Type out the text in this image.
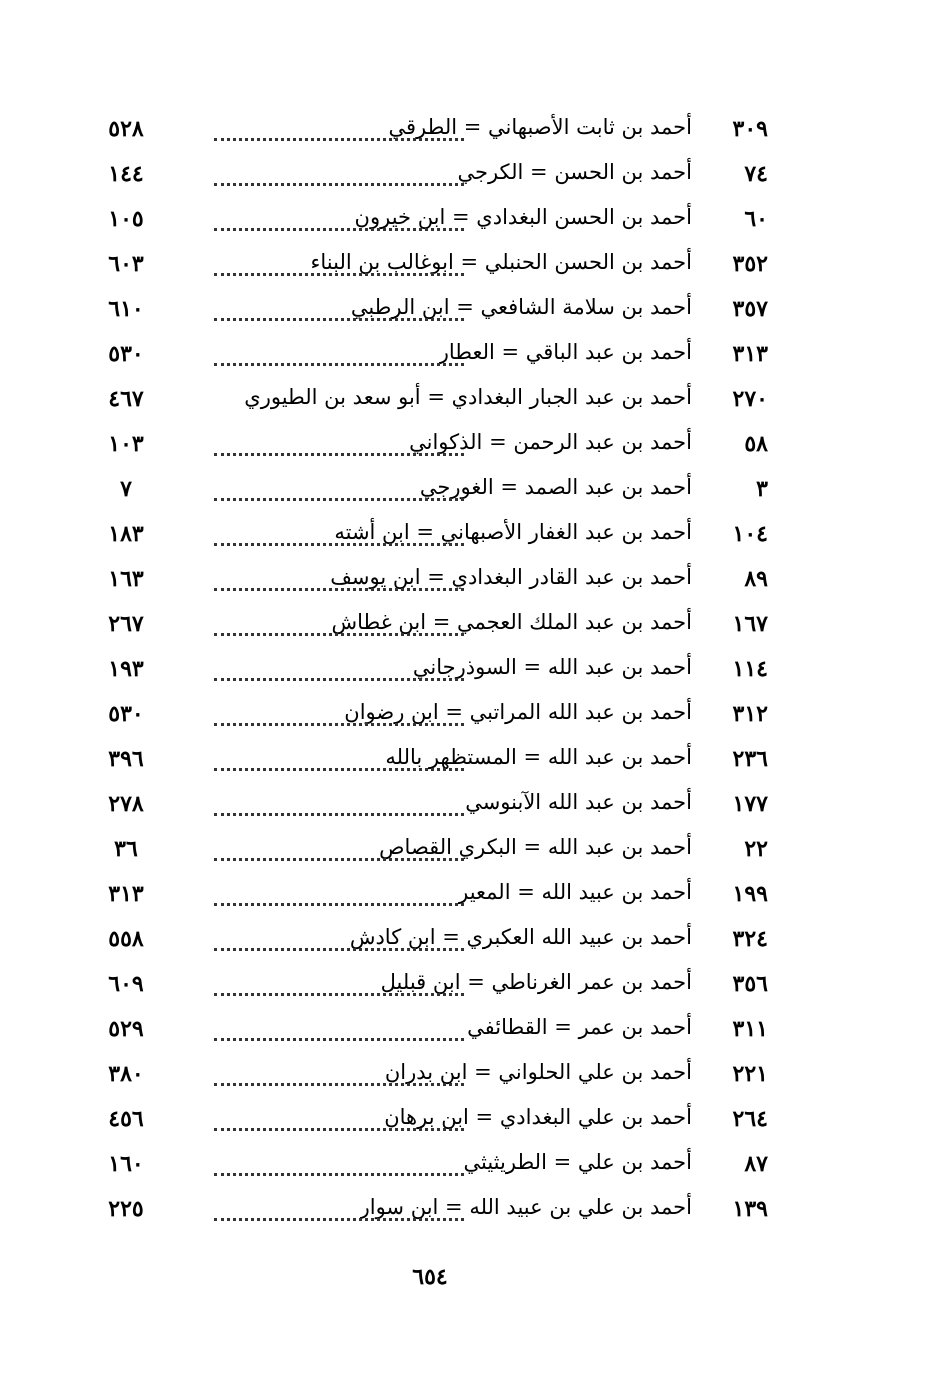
٣٠٩
أحمد بن ثابت الأصبهاني = الطرقي
٥٢٨
٧٤
أحمد بن الحسن = الكرجي
١٤٤
٦٠
أحمد بن الحسن البغدادي = ابن خيرون
١٠٥
٣٥٢
أحمد بن الحسن الحنبلي = ابوغالب بن البناء
٦٠٣
٣٥٧
أحمد بن سلامة الشافعي = ابن الرطبي
٦١٠
٣١٣
أحمد بن عبد الباقي = العطار
٥٣٠
٢٧٠
أحمد بن عبد الجبار البغدادي = أبو سعد بن الطيوري
٤٦٧
٥٨
أحمد بن عبد الرحمن = الذكواني
١٠٣
٣
أحمد بن عبد الصمد = الغورجي
٧
١٠٤
أحمد بن عبد الغفار الأصبهاني = ابن أشته
١٨٣
٨٩
أحمد بن عبد القادر البغدادي = ابن يوسف
١٦٣
١٦٧
أحمد بن عبد الملك العجمي = ابن غطاش
٢٦٧
١١٤
أحمد بن عبد الله = السوذرجاني
١٩٣
٣١٢
أحمد بن عبد الله المراتبي = ابن رضوان
٥٣٠
٢٣٦
أحمد بن عبد الله = المستظهر بالله
٣٩٦
١٧٧
أحمد بن عبد الله الآبنوسي
٢٧٨
٢٢
أحمد بن عبد الله = البكري القصاص
٣٦
١٩٩
أحمد بن عبيد الله = المعير
٣١٣
٣٢٤
أحمد بن عبيد الله العكبري = ابن كادش
٥٥٨
٣٥٦
أحمد بن عمر الغرناطي = ابن قبليل
٦٠٩
٣١١
أحمد بن عمر = القطائفي
٥٢٩
٢٢١
أحمد بن علي الحلواني = ابن بدران
٣٨٠
٢٦٤
أحمد بن علي البغدادي = ابن برهان
٤٥٦
٨٧
أحمد بن علي = الطريثيثي
١٦٠
١٣٩
أحمد بن علي بن عبيد الله = ابن سوار
٢٢٥
٦٥٤
